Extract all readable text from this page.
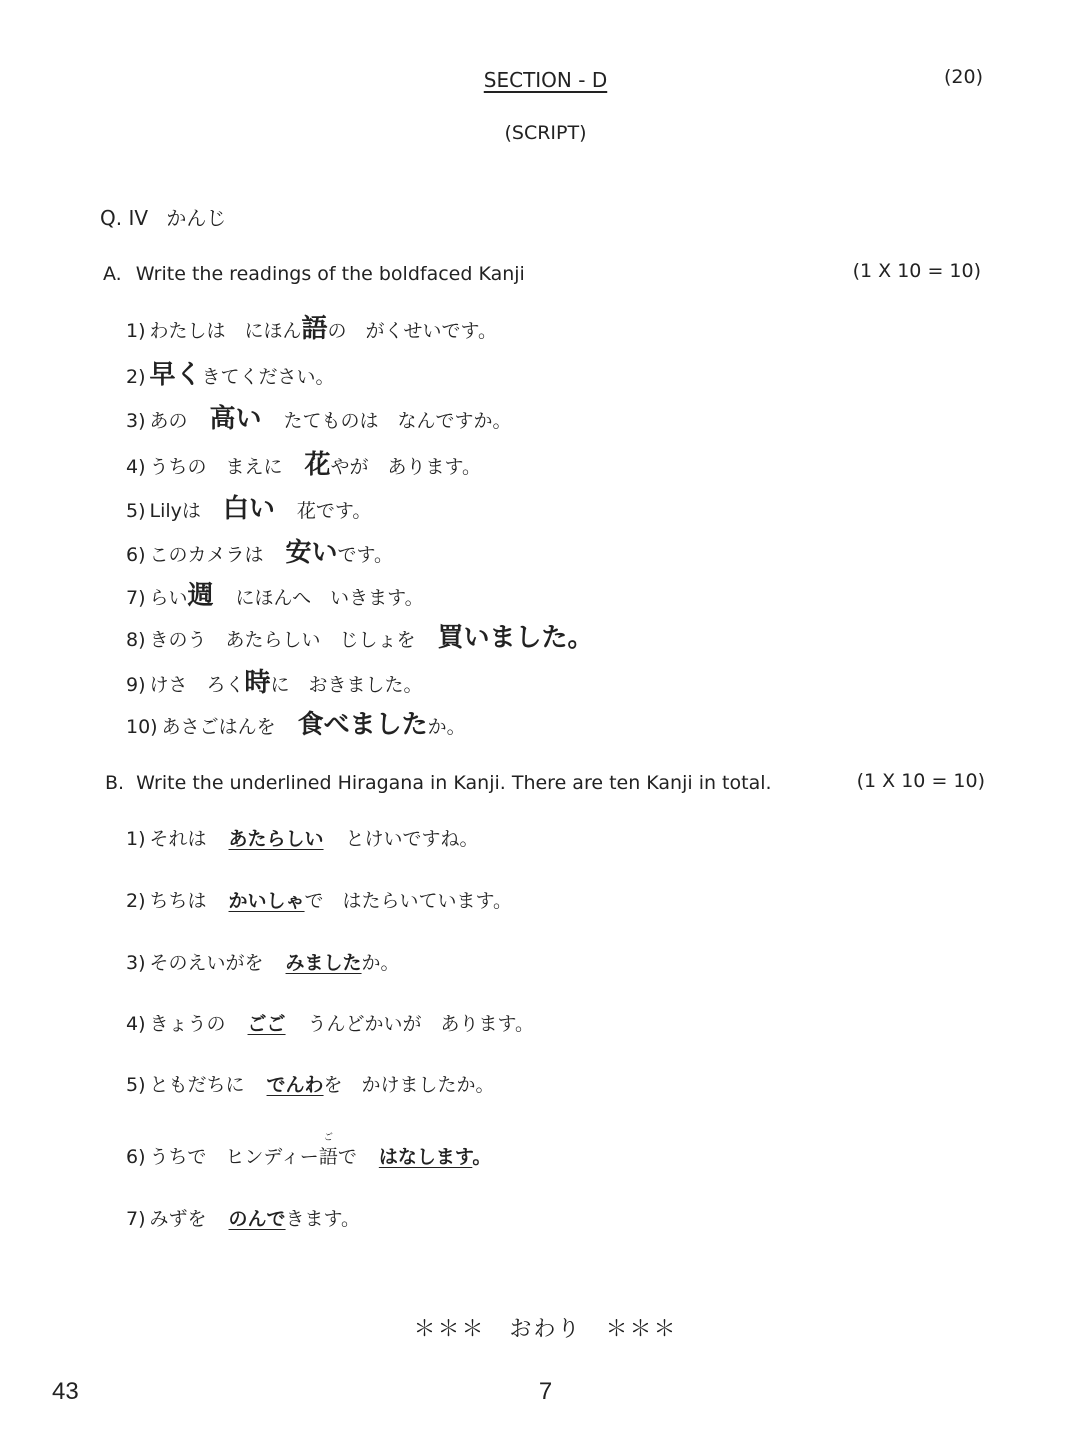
SECTION - D	(20)
(SCRIPT)
Q. IV かんじ
A. Write the readings of the boldfaced Kanji	(1 X 10 = 10)
1) わたしは　にほん語の　がくせいです。
2) 早くきてください。
3) あの 高い たてものは　なんですか。
4) うちの　まえに 花やが　あります。
5) Lilyは 白い 花です。
6) このカメラは 安いです。
7) らい週 にほんへ　いきます。
8) きのう　あたらしい　じしょを 買いました。
9) けさ　ろく時に　おきました。
10) あさごはんを 食べましたか。
B. Write the underlined Hiragana in Kanji. There are ten Kanji in total.	(1 X 10 = 10)
1) それは あたらしい とけいですね。
2) ちちは かいしゃで　はたらいています。
3) そのえいがを みましたか。
4) きょうの ごご うんどかいが　あります。
5) ともだちに でんわを　かけましたか。
6) うちで　ヒンディー
ご
語で はなします。
7) みずを のんできます。
＊＊＊　おわり　＊＊＊
43	7
